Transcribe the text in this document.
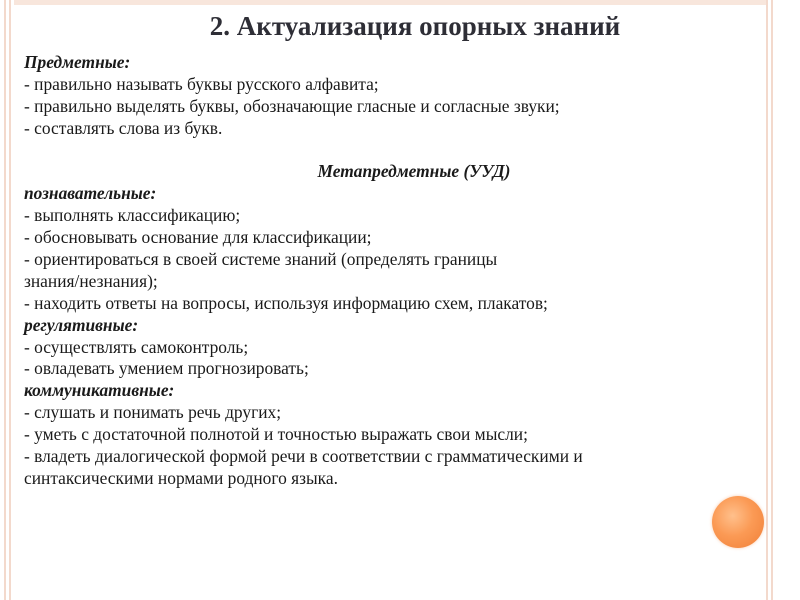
2. Актуализация опорных знаний
Предметные:
- правильно называть буквы русского алфавита;
- правильно выделять буквы, обозначающие гласные и согласные звуки;
- составлять слова из букв.
Метапредметные (УУД)
познавательные:
- выполнять классификацию;
- обосновывать основание для классификации;
- ориентироваться в своей системе знаний (определять границы
знания/незнания);
- находить ответы на вопросы, используя информацию схем, плакатов;
регулятивные:
- осуществлять самоконтроль;
- овладевать умением прогнозировать;
коммуникативные:
- слушать и понимать речь других;
- уметь с достаточной полнотой и точностью выражать свои мысли;
- владеть диалогической формой речи в соответствии с грамматическими и
синтаксическими нормами родного языка.
